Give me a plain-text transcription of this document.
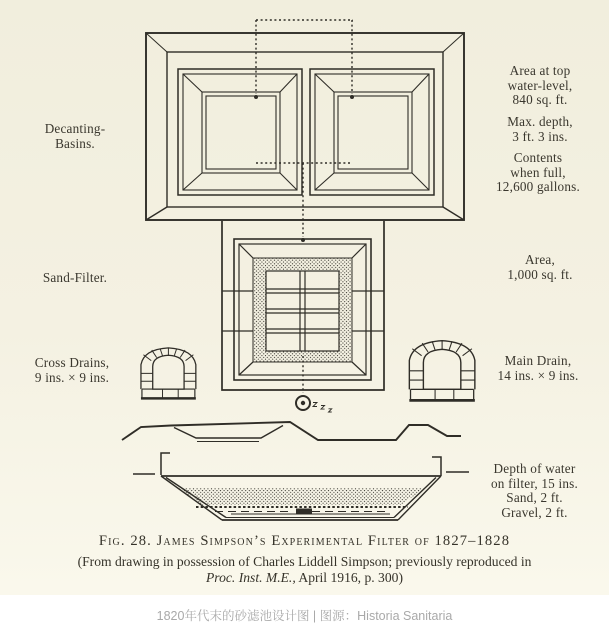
Decanting-
Basins.
Sand-Filter.
Cross Drains,
9 ins. × 9 ins.
Area at top
water-level,
840 sq. ft.
Max. depth,
3 ft. 3 ins.
Contents
when full,
12,600 gallons.
Area,
1,000 sq. ft.
Main Drain,
14 ins. × 9 ins.
Depth of water
on filter, 15 ins.
Sand, 2 ft.
Gravel, 2 ft.
Fig. 28. James Simpson’s Experimental Filter of 1827–1828
(From drawing in possession of Charles Liddell Simpson; previously reproduced in
Proc. Inst. M.E., April 1916, p. 300)
1820年代末的砂滤池设计图 | 图源：Historia Sanitaria
